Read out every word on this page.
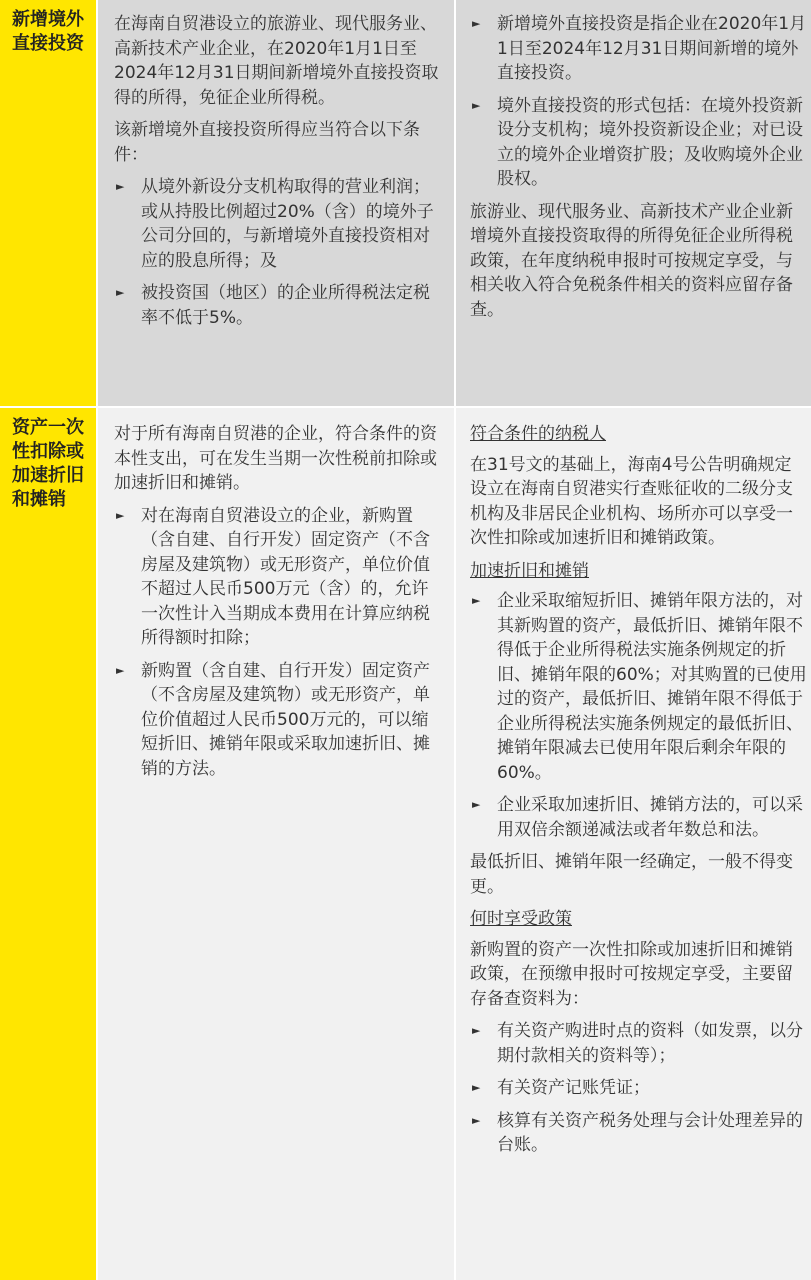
新增境外直接投资

在海南自贸港设立的旅游业、现代服务业、高新技术产业企业，在2020年1月1日至2024年12月31日期间新增境外直接投资取得的所得，免征企业所得税。

该新增境外直接投资所得应当符合以下条件：

► 从境外新设分支机构取得的营业利润；或从持股比例超过20%（含）的境外子公司分回的，与新增境外直接投资相对应的股息所得；及
► 被投资国（地区）的企业所得税法定税率不低于5%。
► 新增境外直接投资是指企业在2020年1月1日至2024年12月31日期间新增的境外直接投资。
► 境外直接投资的形式包括：在境外投资新设分支机构；境外投资新设企业；对已设立的境外企业增资扩股；及收购境外企业股权。

旅游业、现代服务业、高新技术产业企业新增境外直接投资取得的所得免征企业所得税政策，在年度纳税申报时可按规定享受，与相关收入符合免税条件相关的资料应留存备查。

资产一次性扣除或加速折旧和摊销

对于所有海南自贸港的企业，符合条件的资本性支出，可在发生当期一次性税前扣除或加速折旧和摊销。

► 对在海南自贸港设立的企业，新购置（含自建、自行开发）固定资产（不含房屋及建筑物）或无形资产，单位价值不超过人民币500万元（含）的，允许一次性计入当期成本费用在计算应纳税所得额时扣除；
► 新购置（含自建、自行开发）固定资产（不含房屋及建筑物）或无形资产，单位价值超过人民币500万元的，可以缩短折旧、摊销年限或采取加速折旧、摊销的方法。

符合条件的纳税人

在31号文的基础上，海南4号公告明确规定设立在海南自贸港实行查账征收的二级分支机构及非居民企业机构、场所亦可以享受一次性扣除或加速折旧和摊销政策。

加速折旧和摊销

► 企业采取缩短折旧、摊销年限方法的，对其新购置的资产，最低折旧、摊销年限不得低于企业所得税法实施条例规定的折旧、摊销年限的60%；对其购置的已使用过的资产，最低折旧、摊销年限不得低于企业所得税法实施条例规定的最低折旧、摊销年限减去已使用年限后剩余年限的60%。
► 企业采取加速折旧、摊销方法的，可以采用双倍余额递减法或者年数总和法。

最低折旧、摊销年限一经确定，一般不得变更。

何时享受政策

新购置的资产一次性扣除或加速折旧和摊销政策，在预缴申报时可按规定享受，主要留存备查资料为：

► 有关资产购进时点的资料（如发票，以分期付款相关的资料等）；
► 有关资产记账凭证；
► 核算有关资产税务处理与会计处理差异的台账。
